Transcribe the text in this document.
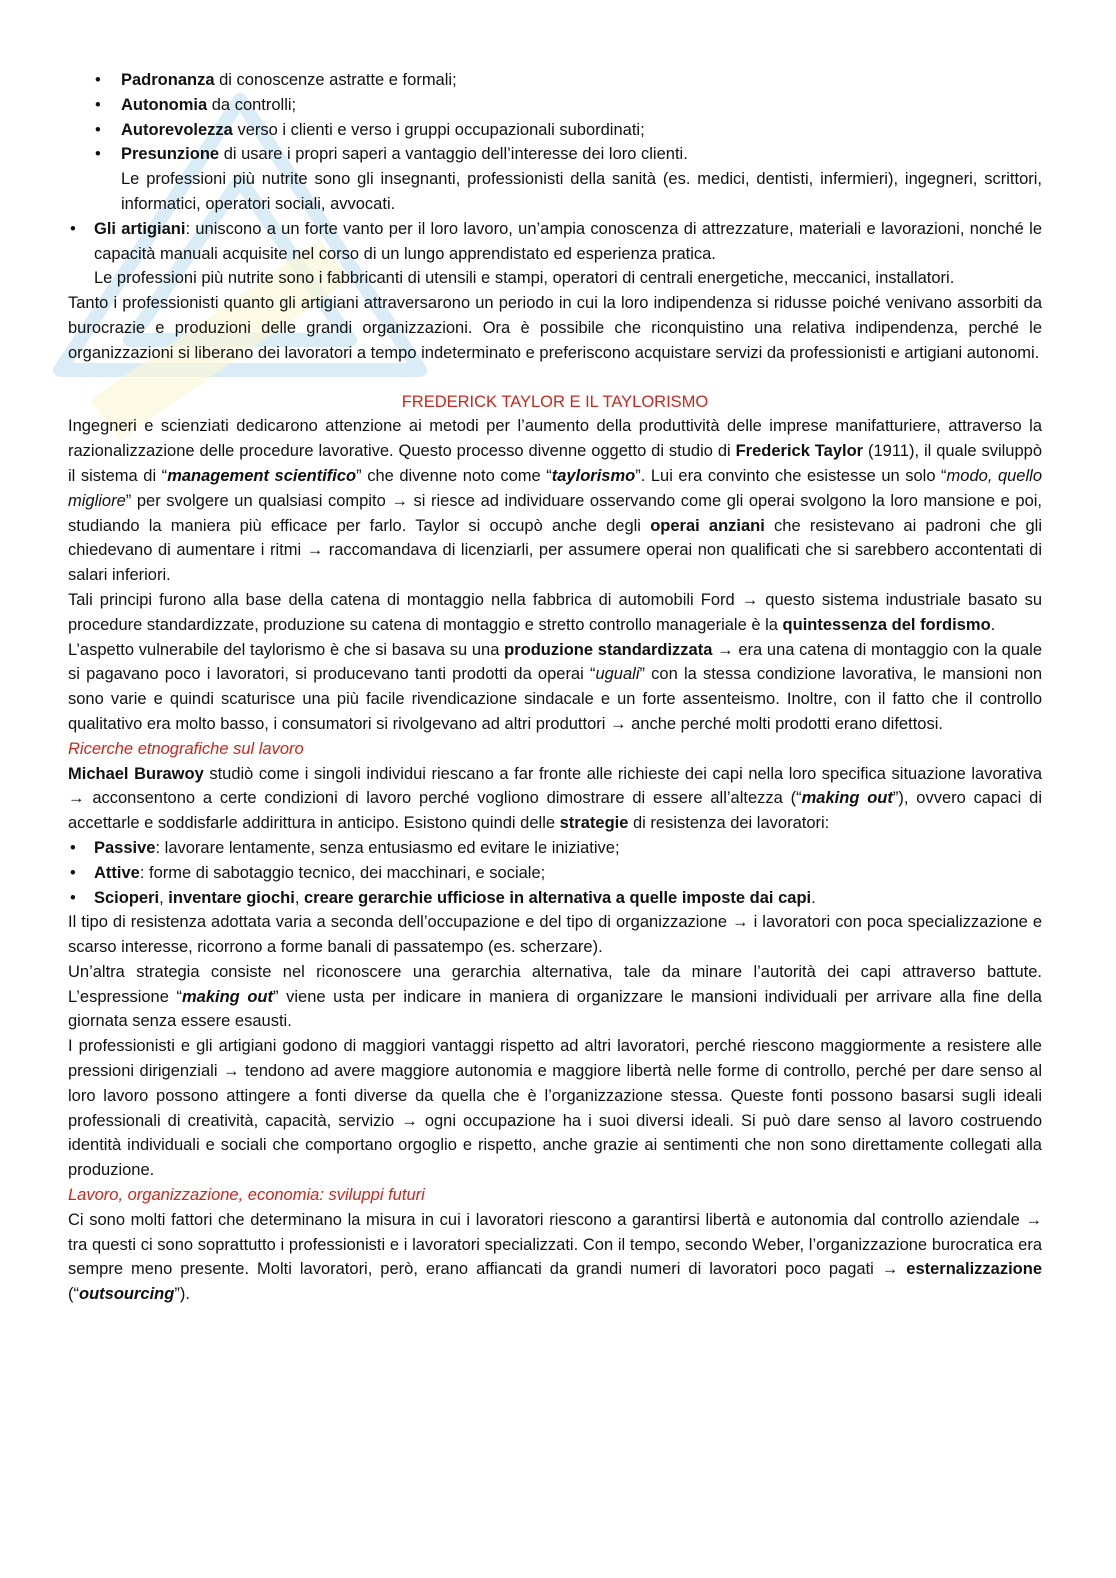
• Padronanza di conoscenze astratte e formali;
• Autonomia da controlli;
• Autorevolezza verso i clienti e verso i gruppi occupazionali subordinati;
• Presunzione di usare i propri saperi a vantaggio dell’interesse dei loro clienti.

Le professioni più nutrite sono gli insegnanti, professionisti della sanità (es. medici, dentisti, infermieri), ingegneri, scrittori, informatici, operatori sociali, avvocati.

• Gli artigiani: uniscono a un forte vanto per il loro lavoro, un’ampia conoscenza di attrezzature, materiali e lavorazioni, nonché le capacità manuali acquisite nel corso di un lungo apprendistato ed esperienza pratica.

Le professioni più nutrite sono i fabbricanti di utensili e stampi, operatori di centrali energetiche, meccanici, installatori.

Tanto i professionisti quanto gli artigiani attraversarono un periodo in cui la loro indipendenza si ridusse poiché venivano assorbiti da burocrazie e produzioni delle grandi organizzazioni. Ora è possibile che riconquistino una relativa indipendenza, perché le organizzazioni si liberano dei lavoratori a tempo indeterminato e preferiscono acquistare servizi da professionisti e artigiani autonomi.

FREDERICK TAYLOR E IL TAYLORISMO

Ingegneri e scienziati dedicarono attenzione ai metodi per l’aumento della produttività delle imprese manifatturiere, attraverso la razionalizzazione delle procedure lavorative. Questo processo divenne oggetto di studio di Frederick Taylor (1911), il quale sviluppò il sistema di “management scientifico” che divenne noto come “taylorismo”. Lui era convinto che esistesse un solo “modo, quello migliore” per svolgere un qualsiasi compito → si riesce ad individuare osservando come gli operai svolgono la loro mansione e poi, studiando la maniera più efficace per farlo. Taylor si occupò anche degli operai anziani che resistevano ai padroni che gli chiedevano di aumentare i ritmi → raccomandava di licenziarli, per assumere operai non qualificati che si sarebbero accontentati di salari inferiori.

Tali principi furono alla base della catena di montaggio nella fabbrica di automobili Ford → questo sistema industriale basato su procedure standardizzate, produzione su catena di montaggio e stretto controllo manageriale è la quintessenza del fordismo.

L’aspetto vulnerabile del taylorismo è che si basava su una produzione standardizzata → era una catena di montaggio con la quale si pagavano poco i lavoratori, si producevano tanti prodotti da operai “uguali” con la stessa condizione lavorativa, le mansioni non sono varie e quindi scaturisce una più facile rivendicazione sindacale e un forte assenteismo. Inoltre, con il fatto che il controllo qualitativo era molto basso, i consumatori si rivolgevano ad altri produttori → anche perché molti prodotti erano difettosi.

Ricerche etnografiche sul lavoro

Michael Burawoy studiò come i singoli individui riescano a far fronte alle richieste dei capi nella loro specifica situazione lavorativa → acconsentono a certe condizioni di lavoro perché vogliono dimostrare di essere all’altezza (“making out”), ovvero capaci di accettarle e soddisfarle addirittura in anticipo. Esistono quindi delle strategie di resistenza dei lavoratori:

• Passive: lavorare lentamente, senza entusiasmo ed evitare le iniziative;
• Attive: forme di sabotaggio tecnico, dei macchinari, e sociale;
• Scioperi, inventare giochi, creare gerarchie ufficiose in alternativa a quelle imposte dai capi.

Il tipo di resistenza adottata varia a seconda dell’occupazione e del tipo di organizzazione → i lavoratori con poca specializzazione e scarso interesse, ricorrono a forme banali di passatempo (es. scherzare).

Un’altra strategia consiste nel riconoscere una gerarchia alternativa, tale da minare l’autorità dei capi attraverso battute. L’espressione “making out” viene usta per indicare in maniera di organizzare le mansioni individuali per arrivare alla fine della giornata senza essere esausti.

I professionisti e gli artigiani godono di maggiori vantaggi rispetto ad altri lavoratori, perché riescono maggiormente a resistere alle pressioni dirigenziali → tendono ad avere maggiore autonomia e maggiore libertà nelle forme di controllo, perché per dare senso al loro lavoro possono attingere a fonti diverse da quella che è l’organizzazione stessa. Queste fonti possono basarsi sugli ideali professionali di creatività, capacità, servizio → ogni occupazione ha i suoi diversi ideali. Si può dare senso al lavoro costruendo identità individuali e sociali che comportano orgoglio e rispetto, anche grazie ai sentimenti che non sono direttamente collegati alla produzione.

Lavoro, organizzazione, economia: sviluppi futuri

Ci sono molti fattori che determinano la misura in cui i lavoratori riescono a garantirsi libertà e autonomia dal controllo aziendale → tra questi ci sono soprattutto i professionisti e i lavoratori specializzati. Con il tempo, secondo Weber, l’organizzazione burocratica era sempre meno presente. Molti lavoratori, però, erano affiancati da grandi numeri di lavoratori poco pagati → esternalizzazione (“outsourcing”).
